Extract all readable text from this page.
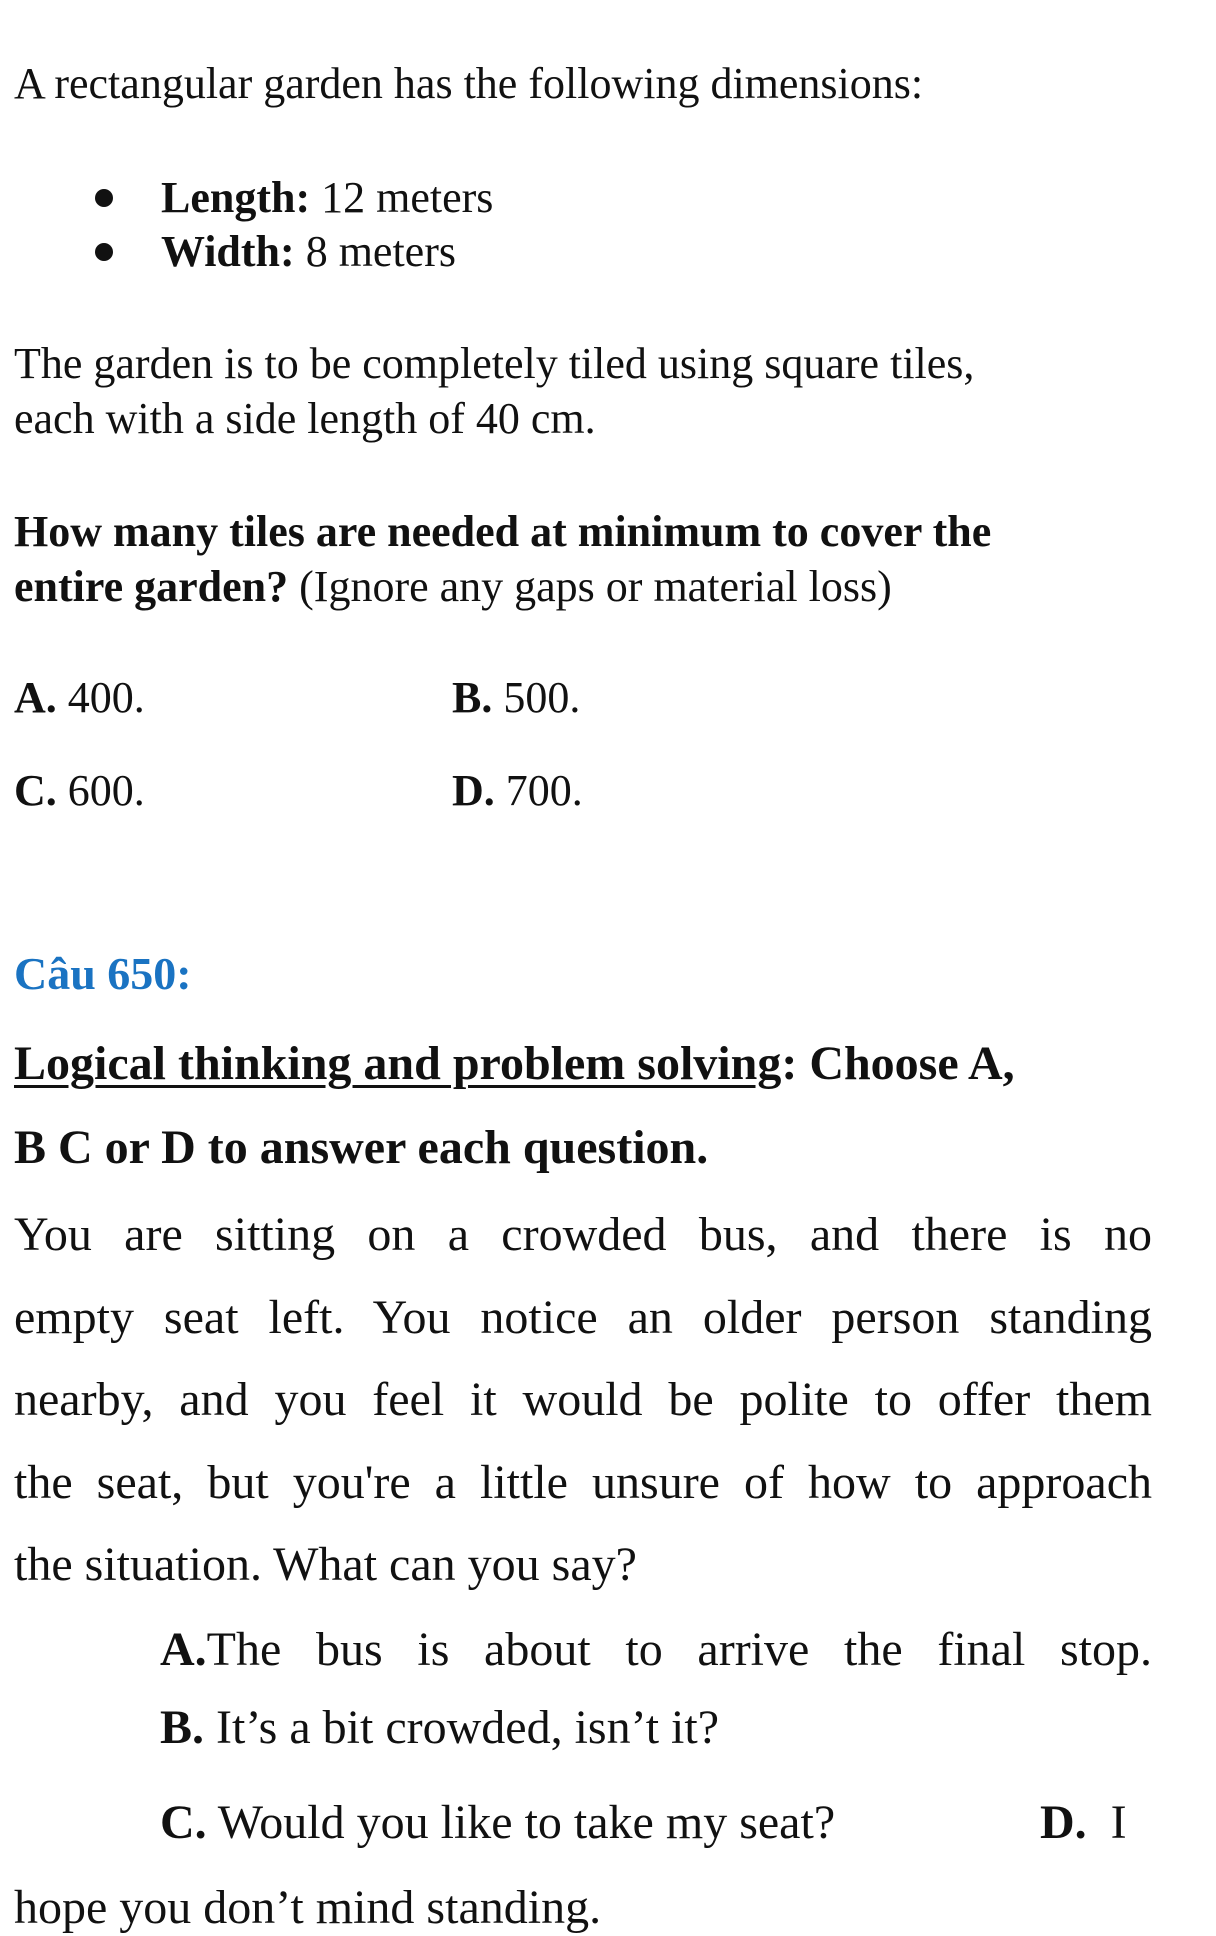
A rectangular garden has the following dimensions:
Length: 12 meters
Width: 8 meters
The garden is to be completely tiled using square tiles,
each with a side length of 40 cm.
How many tiles are needed at minimum to cover the
entire garden? (Ignore any gaps or material loss)
A. 400.	B. 500.
C. 600.	D. 700.
Câu 650:
Logical thinking and problem solving: Choose A,
B C or D to answer each question.
You are sitting on a crowded bus, and there is no
empty seat left. You notice an older person standing
nearby, and you feel it would be polite to offer them
the seat, but you're a little unsure of how to approach
the situation. What can you say?
A. The bus is about to arrive the final stop.
B. It’s a bit crowded, isn’t it?
C. Would you like to take my seat?	D.  I
hope you don’t mind standing.
